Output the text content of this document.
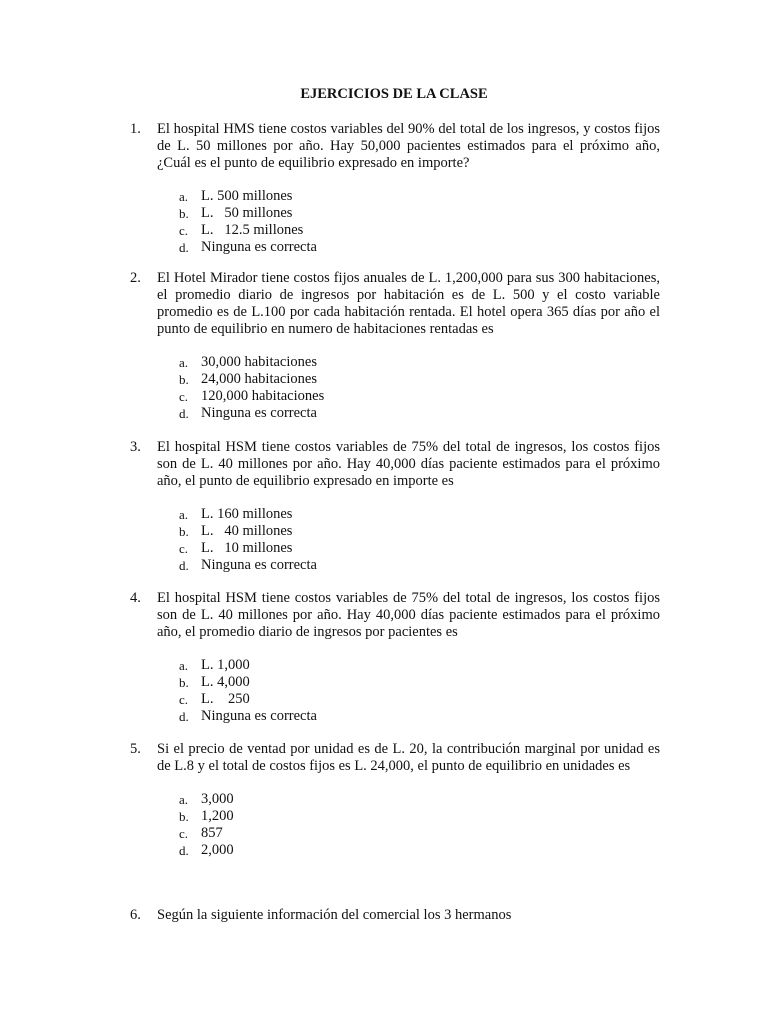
EJERCICIOS DE LA CLASE
1.	El hospital HMS tiene costos variables del 90% del total de los ingresos, y costos fijos de L. 50 millones por año. Hay 50,000 pacientes estimados para el próximo año, ¿Cuál es el punto de equilibrio expresado en importe?
a. L. 500 millones
b. L.   50 millones
c. L.   12.5 millones
d. Ninguna es correcta
2.	El Hotel Mirador tiene costos fijos anuales de L. 1,200,000 para sus 300 habitaciones, el promedio diario de ingresos por habitación es de L. 500 y el costo variable promedio es de L.100 por cada habitación rentada. El hotel opera 365 días por año el punto de equilibrio en numero de habitaciones rentadas es
a. 30,000 habitaciones
b. 24,000 habitaciones
c. 120,000 habitaciones
d. Ninguna es correcta
3.	El hospital HSM tiene costos variables de 75% del total de ingresos, los costos fijos son de L. 40 millones por año. Hay 40,000 días paciente estimados para el próximo año, el punto de equilibrio expresado en importe es
a. L. 160 millones
b. L.   40 millones
c. L.   10 millones
d. Ninguna es correcta
4.	El hospital HSM tiene costos variables de 75% del total de ingresos, los costos fijos son de L. 40 millones por año. Hay 40,000 días paciente estimados para el próximo año, el promedio diario de ingresos por pacientes es
a. L. 1,000
b. L. 4,000
c. L.    250
d. Ninguna es correcta
5.	Si el precio de ventad por unidad es de L. 20, la contribución marginal por unidad es de L.8 y el total de costos fijos es L. 24,000, el punto de equilibrio en unidades es
a. 3,000
b. 1,200
c. 857
d. 2,000
6.	Según la siguiente información del comercial los 3 hermanos
